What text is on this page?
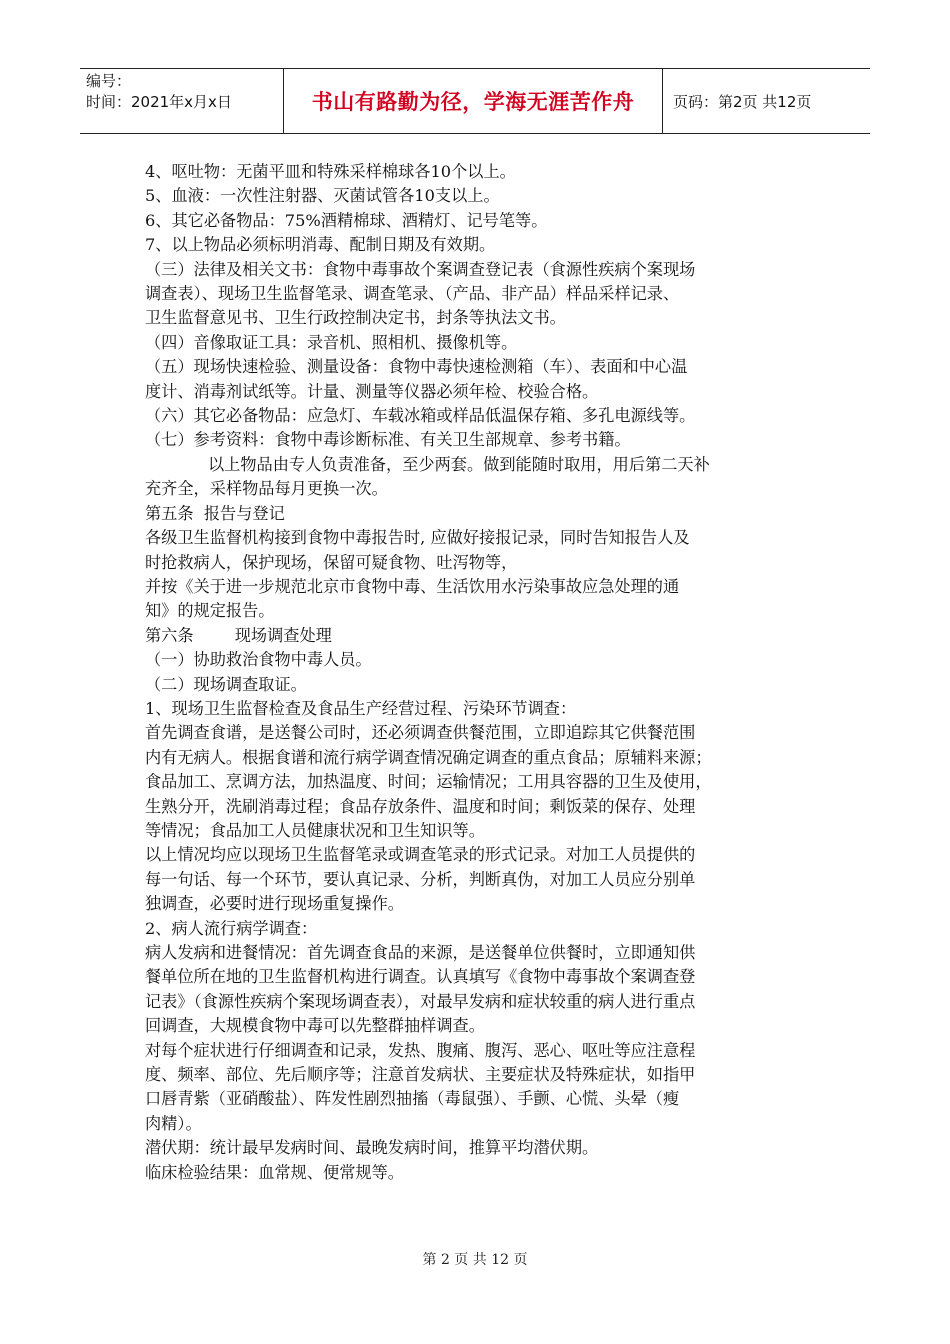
编号：
时间：2021年x月x日	书山有路勤为径，学海无涯苦作舟	页码：第2页 共12页

4、呕吐物：无菌平皿和特殊采样棉球各10个以上。

5、血液：一次性注射器、灭菌试管各10支以上。

6、其它必备物品：75%酒精棉球、酒精灯、记号笔等。

7、以上物品必须标明消毒、配制日期及有效期。

（三）法律及相关文书：食物中毒事故个案调查登记表（食源性疾病个案现场

调查表）、现场卫生监督笔录、调查笔录、（产品、非产品）样品采样记录、

卫生监督意见书、卫生行政控制决定书，封条等执法文书。

（四）音像取证工具：录音机、照相机、摄像机等。

（五）现场快速检验、测量设备：食物中毒快速检测箱（车）、表面和中心温

度计、消毒剂试纸等。计量、测量等仪器必须年检、校验合格。

（六）其它必备物品：应急灯、车载冰箱或样品低温保存箱、多孔电源线等。

（七）参考资料：食物中毒诊断标准、有关卫生部规章、参考书籍。

以上物品由专人负责准备，至少两套。做到能随时取用，用后第二天补

充齐全，采样物品每月更换一次。

第五条  报告与登记

各级卫生监督机构接到食物中毒报告时, 应做好接报记录，同时告知报告人及

时抢救病人，保护现场，保留可疑食物、吐泻物等，

并按《关于进一步规范北京市食物中毒、生活饮用水污染事故应急处理的通

知》的规定报告。

第六条        现场调查处理

（一）协助救治食物中毒人员。

（二）现场调查取证。

1、现场卫生监督检查及食品生产经营过程、污染环节调查：

首先调查食谱，是送餐公司时，还必须调查供餐范围，立即追踪其它供餐范围

内有无病人。根据食谱和流行病学调查情况确定调查的重点食品；原辅料来源；

食品加工、烹调方法，加热温度、时间；运输情况；工用具容器的卫生及使用，

生熟分开，洗刷消毒过程；食品存放条件、温度和时间；剩饭菜的保存、处理

等情况；食品加工人员健康状况和卫生知识等。

以上情况均应以现场卫生监督笔录或调查笔录的形式记录。对加工人员提供的

每一句话、每一个环节，要认真记录、分析，判断真伪，对加工人员应分别单

独调查，必要时进行现场重复操作。

2、病人流行病学调查：

病人发病和进餐情况：首先调查食品的来源，是送餐单位供餐时，立即通知供

餐单位所在地的卫生监督机构进行调查。认真填写《食物中毒事故个案调查登

记表》（食源性疾病个案现场调查表），对最早发病和症状较重的病人进行重点

回调查，大规模食物中毒可以先整群抽样调查。

对每个症状进行仔细调查和记录，发热、腹痛、腹泻、恶心、呕吐等应注意程

度、频率、部位、先后顺序等；注意首发病状、主要症状及特殊症状，如指甲

口唇青紫（亚硝酸盐）、阵发性剧烈抽搐（毒鼠强）、手颤、心慌、头晕（瘦

肉精）。

潜伏期：统计最早发病时间、最晚发病时间，推算平均潜伏期。

临床检验结果：血常规、便常规等。

第 2 页 共 12 页
